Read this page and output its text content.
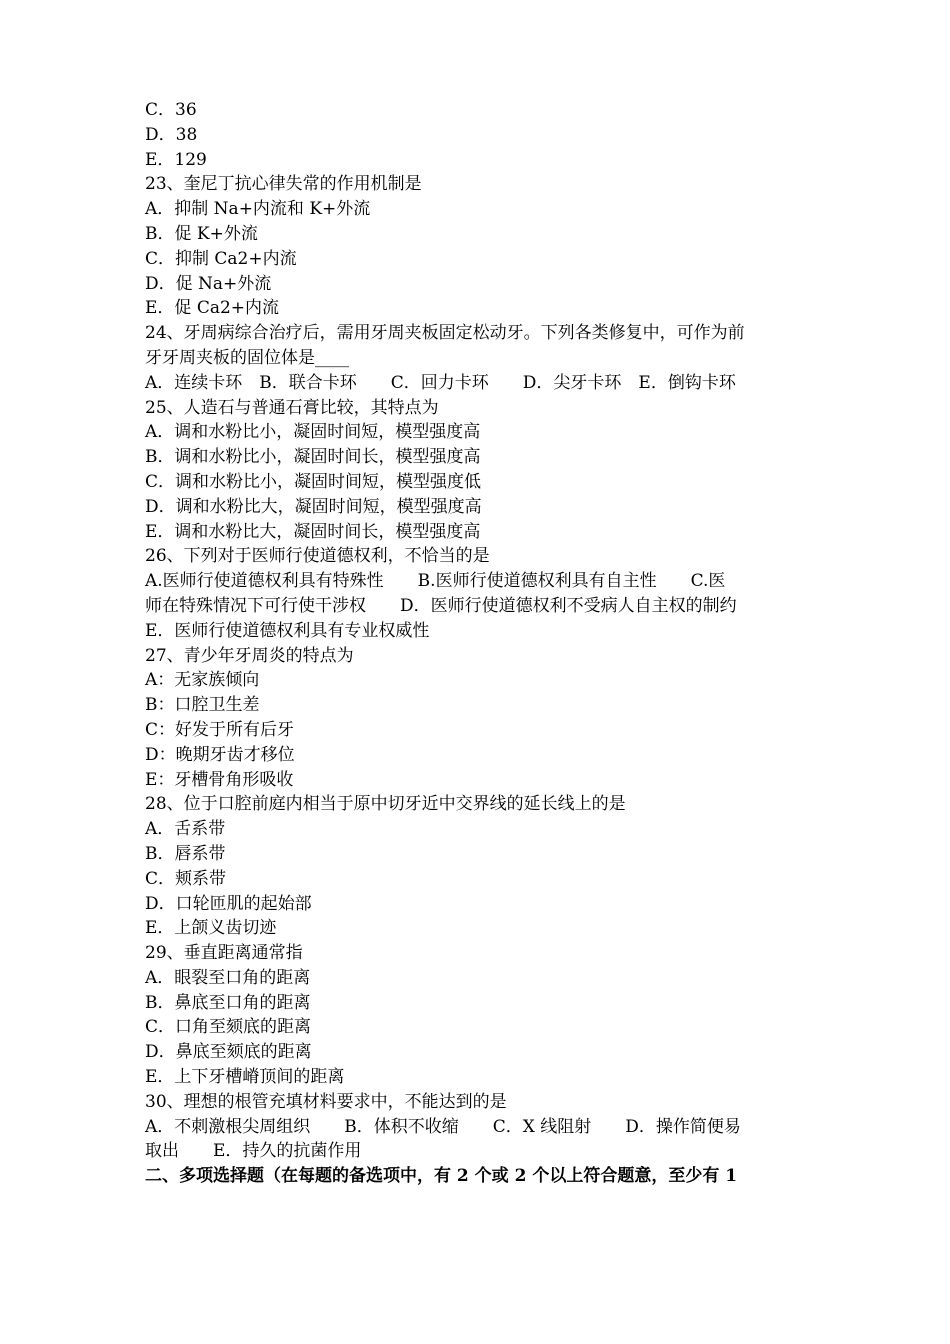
C．36
D．38
E．129
23、奎尼丁抗心律失常的作用机制是
A．抑制 Na+内流和 K+外流
B．促 K+外流
C．抑制 Ca2+内流
D．促 Na+外流
E．促 Ca2+内流
24、牙周病综合治疗后，需用牙周夹板固定松动牙。下列各类修复中，可作为前
牙牙周夹板的固位体是____
A．连续卡环　B．联合卡环　　C．回力卡环　　D．尖牙卡环　E．倒钩卡环
25、人造石与普通石膏比较，其特点为
A．调和水粉比小，凝固时间短，模型强度高
B．调和水粉比小，凝固时间长，模型强度高
C．调和水粉比小，凝固时间短，模型强度低
D．调和水粉比大，凝固时间短，模型强度高
E．调和水粉比大，凝固时间长，模型强度高
26、下列对于医师行使道德权利，不恰当的是
A.医师行使道德权利具有特殊性　　B.医师行使道德权利具有自主性　　C.医
师在特殊情况下可行使干涉权　　D．医师行使道德权利不受病人自主权的制约
E．医师行使道德权利具有专业权威性
27、青少年牙周炎的特点为
A：无家族倾向
B：口腔卫生差
C：好发于所有后牙
D：晚期牙齿才移位
E：牙槽骨角形吸收
28、位于口腔前庭内相当于原中切牙近中交界线的延长线上的是
A．舌系带
B．唇系带
C．颊系带
D．口轮匝肌的起始部
E．上颌义齿切迹
29、垂直距离通常指
A．眼裂至口角的距离
B．鼻底至口角的距离
C．口角至颏底的距离
D．鼻底至颏底的距离
E．上下牙槽嵴顶间的距离
30、理想的根管充填材料要求中，不能达到的是
A．不刺激根尖周组织　　B．体积不收缩　　C．X 线阻射　　D．操作简便易
取出　　E．持久的抗菌作用
二、多项选择题（在每题的备选项中，有 2 个或 2 个以上符合题意，至少有 1
